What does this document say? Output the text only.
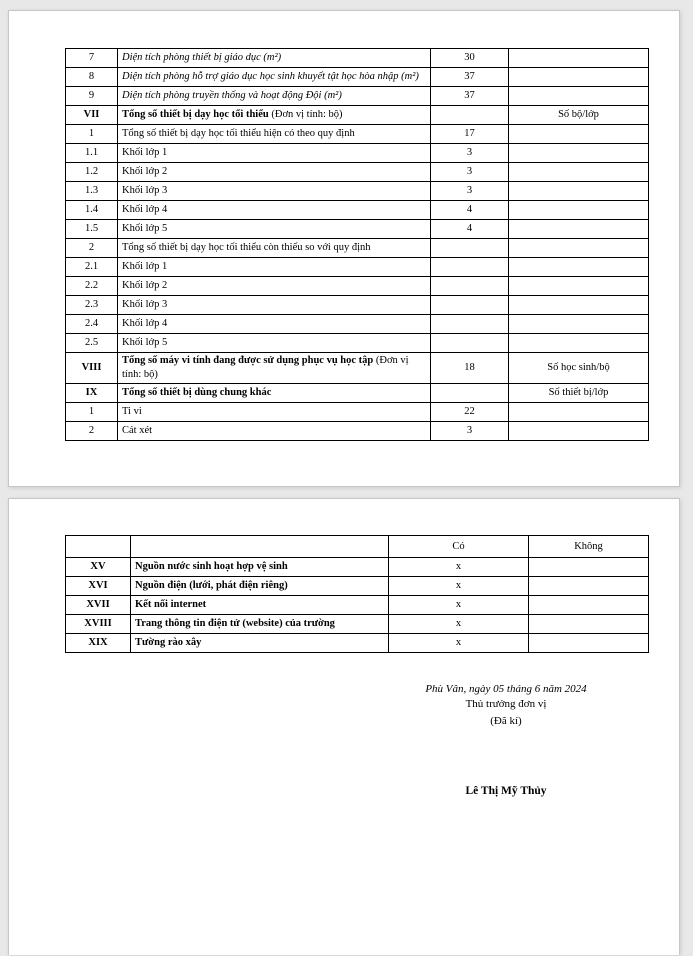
7	Diện tích phòng thiết bị giáo dục (m²)	30	
8	Diện tích phòng hỗ trợ giáo dục học sinh khuyết tật học hòa nhập (m²)	37	
9	Diện tích phòng truyền thống và hoạt động Đội (m²)	37	
VII	Tổng số thiết bị dạy học tối thiểu (Đơn vị tính: bộ)		Số bộ/lớp
1	Tổng số thiết bị dạy học tối thiểu hiện có theo quy định	17	
1.1	Khối lớp 1	3	
1.2	Khối lớp 2	3	
1.3	Khối lớp 3	3	
1.4	Khối lớp 4	4	
1.5	Khối lớp 5	4	
2	Tổng số thiết bị dạy học tối thiểu còn thiếu so với quy định		
2.1	Khối lớp 1		
2.2	Khối lớp 2		
2.3	Khối lớp 3		
2.4	Khối lớp 4		
2.5	Khối lớp 5		
VIII	Tổng số máy vi tính đang được sử dụng phục vụ học tập (Đơn vị tính: bộ)	18	Số học sinh/bộ
IX	Tổng số thiết bị dùng chung khác		Số thiết bị/lớp
1	Ti vi	22	
2	Cát xét	3	
		Có	Không
XV	Nguồn nước sinh hoạt hợp vệ sinh	x	
XVI	Nguồn điện (lưới, phát điện riêng)	x	
XVII	Kết nối internet	x	
XVIII	Trang thông tin điện tử (website) của trường	x	
XIX	Tường rào xây	x	
Phù Vân, ngày 05 tháng 6 năm 2024
Thủ trưởng đơn vị
(Đã kí)
Lê Thị Mỹ Thủy
